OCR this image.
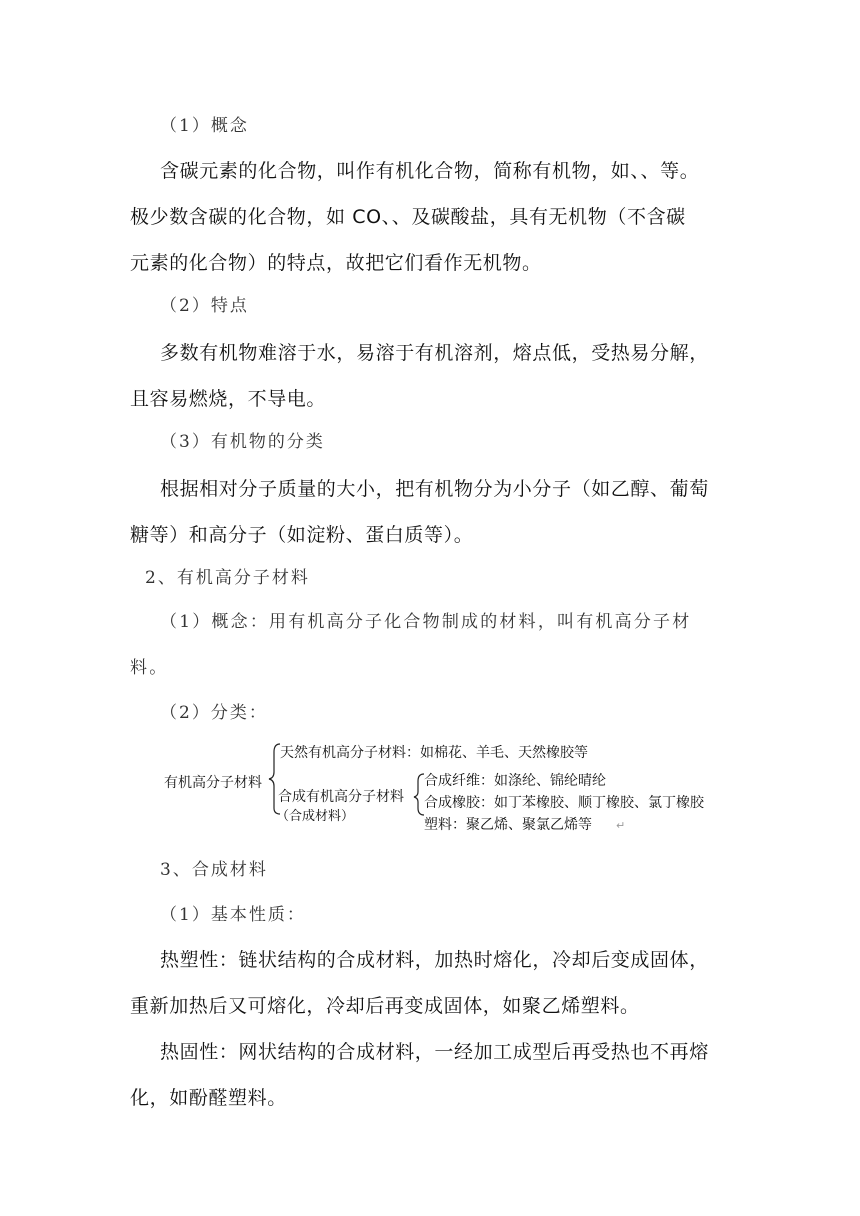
（1）概念
含碳元素的化合物，叫作有机化合物，简称有机物，如、、等。
极少数含碳的化合物，如 CO、、及碳酸盐，具有无机物（不含碳
元素的化合物）的特点，故把它们看作无机物。
（2）特点
多数有机物难溶于水，易溶于有机溶剂，熔点低，受热易分解，
且容易燃烧，不导电。
（3）有机物的分类
根据相对分子质量的大小，把有机物分为小分子（如乙醇、葡萄
糖等）和高分子（如淀粉、蛋白质等）。
2、有机高分子材料
（1）概念：用有机高分子化合物制成的材料，叫有机高分子材
料。
（2）分类：
有机高分子材料
天然有机高分子材料：如棉花、羊毛、天然橡胶等
合成有机高分子材料
（合成材料）
合成纤维：如涤纶、锦纶晴纶
合成橡胶：如丁苯橡胶、顺丁橡胶、氯丁橡胶
塑料：聚乙烯、聚氯乙烯等 ↵
3、合成材料
（1）基本性质：
热塑性：链状结构的合成材料，加热时熔化，冷却后变成固体，
重新加热后又可熔化，冷却后再变成固体，如聚乙烯塑料。
热固性：网状结构的合成材料，一经加工成型后再受热也不再熔
化，如酚醛塑料。
